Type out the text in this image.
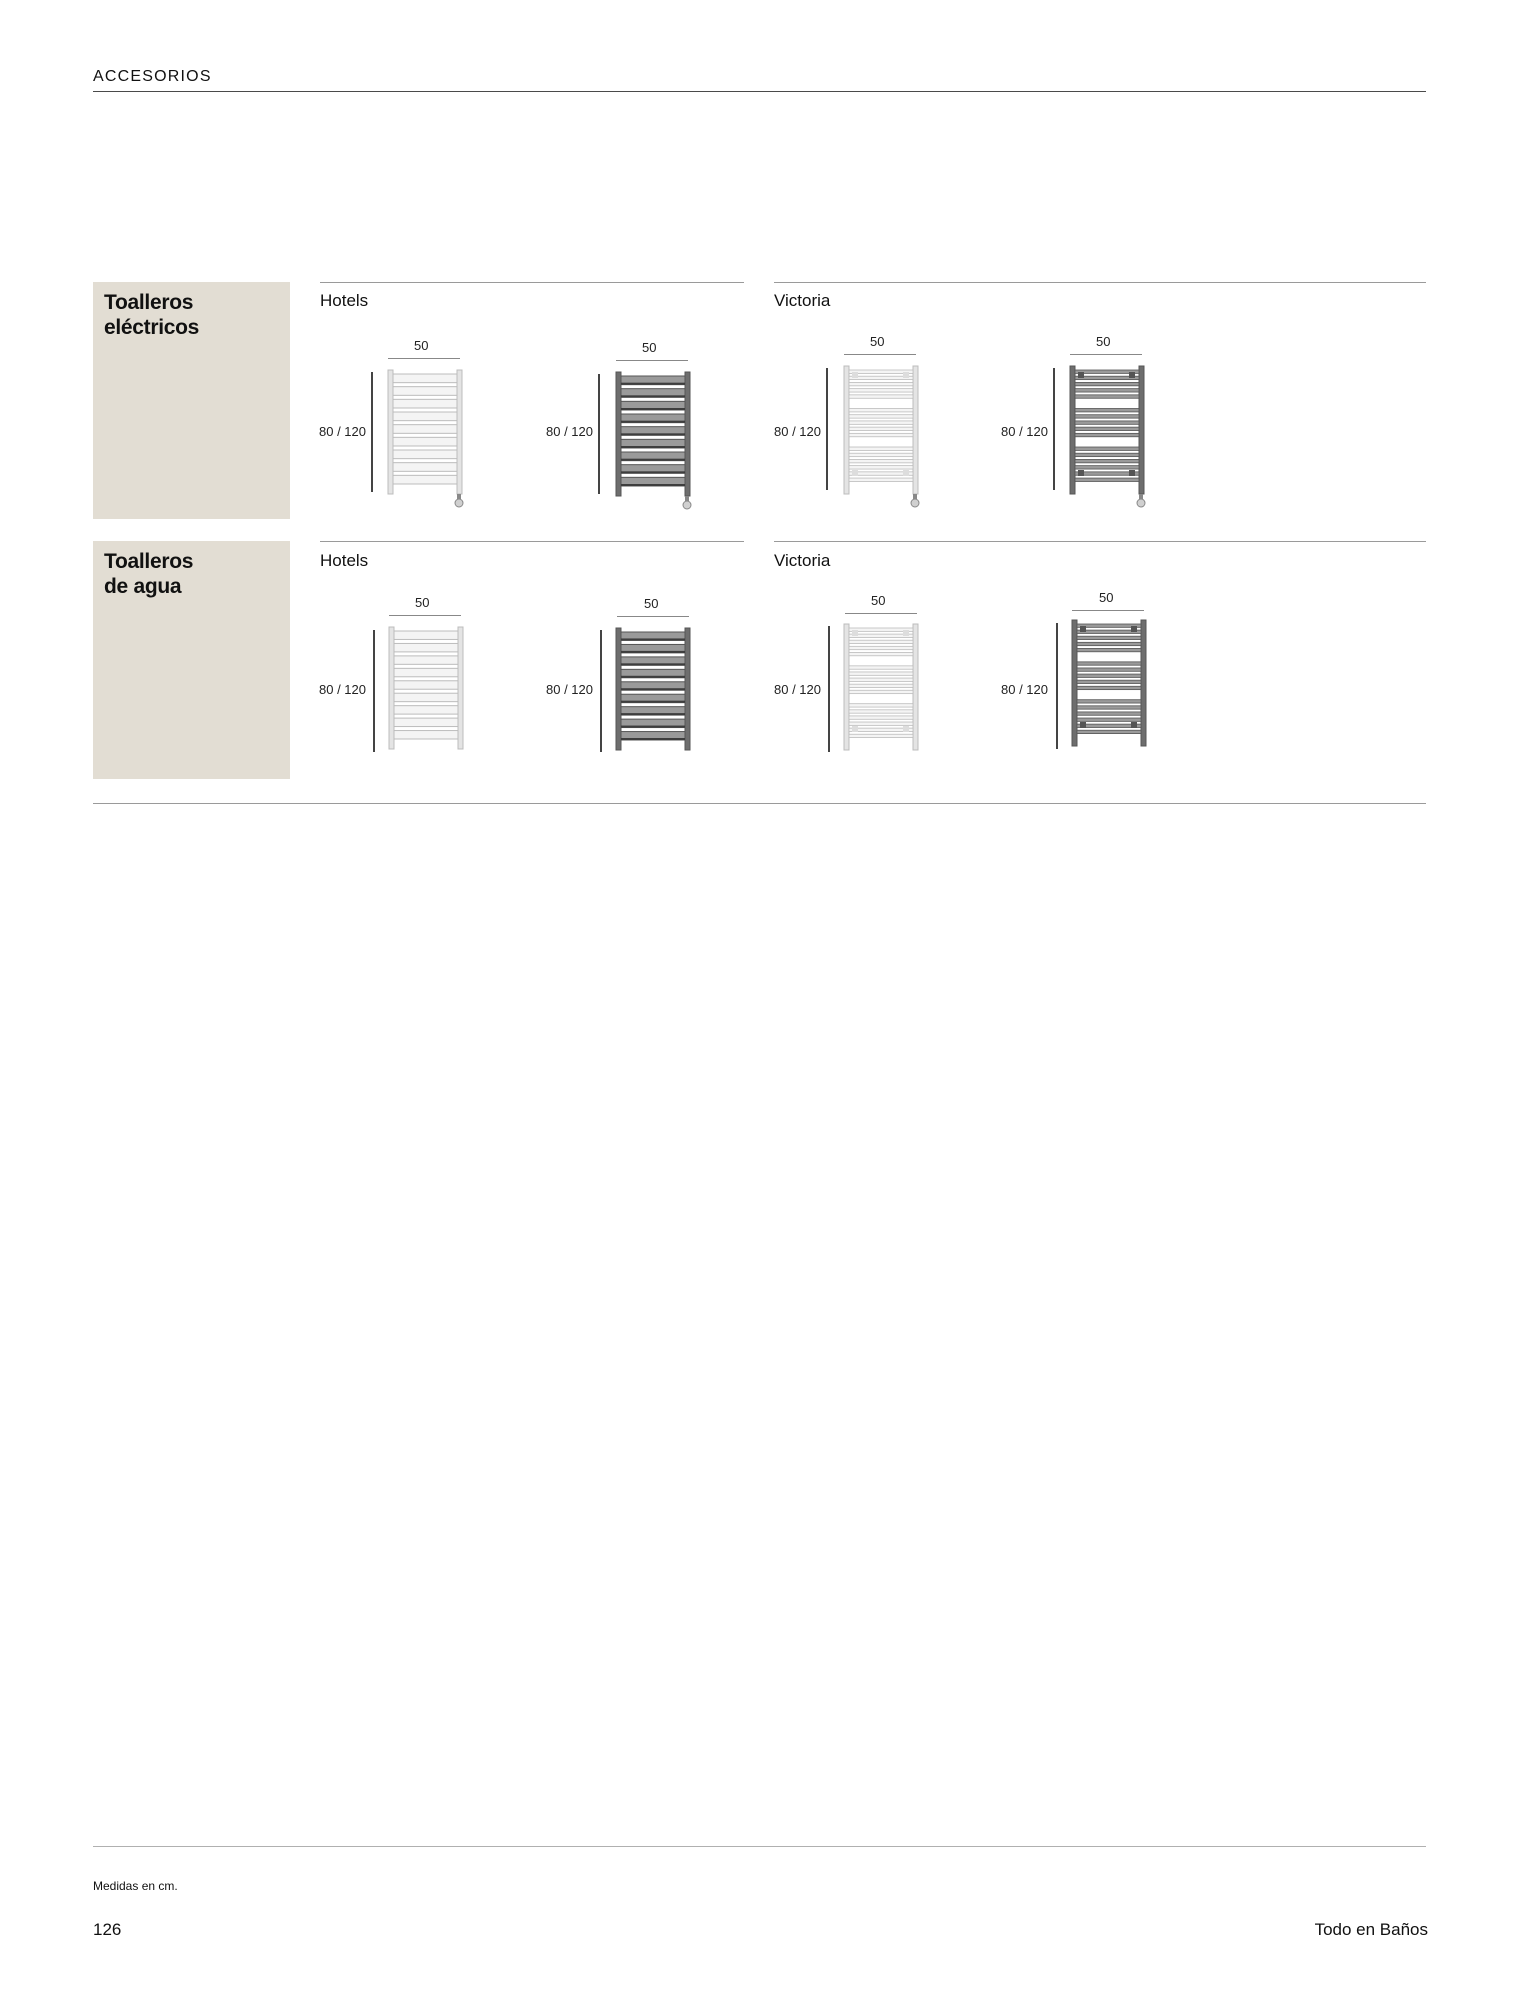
ACCESORIOS
Toalleros
eléctricos
Hotels	Victoria
50
80 / 120
50
80 / 120
50
80 / 120
50
80 / 120
Toalleros
de agua
Hotels	Victoria
50
80 / 120
50
80 / 120
50
80 / 120
50
80 / 120
Medidas en cm.
126	Todo en Baños
